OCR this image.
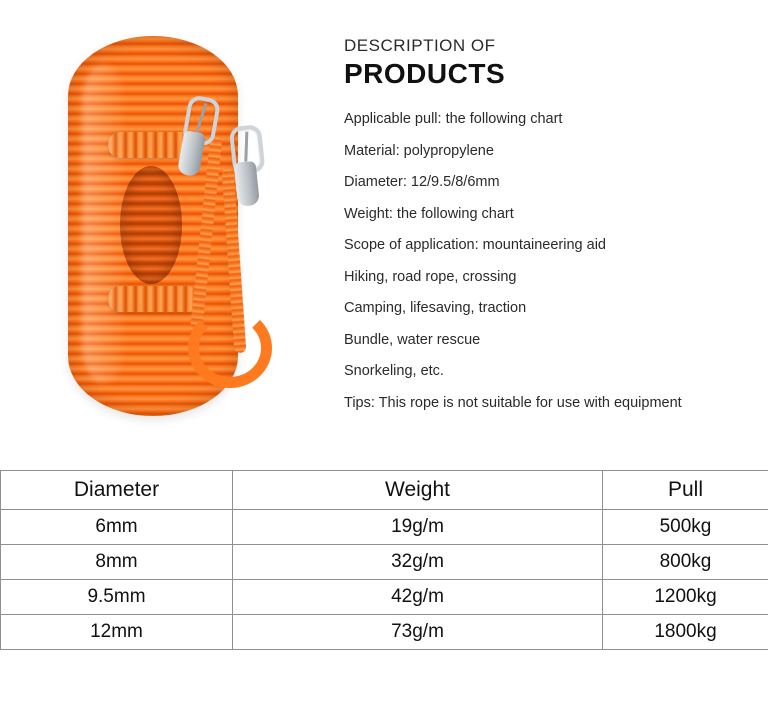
DESCRIPTION OF
PRODUCTS
Applicable pull: the following chart
Material: polypropylene
Diameter: 12/9.5/8/6mm
Weight: the following chart
Scope of application: mountaineering aid
Hiking, road rope, crossing
Camping, lifesaving, traction
Bundle, water rescue
Snorkeling, etc.
Tips: This rope is not suitable for use with equipment
Diameter	Weight	Pull
6mm	19g/m	500kg
8mm	32g/m	800kg
9.5mm	42g/m	1200kg
12mm	73g/m	1800kg
